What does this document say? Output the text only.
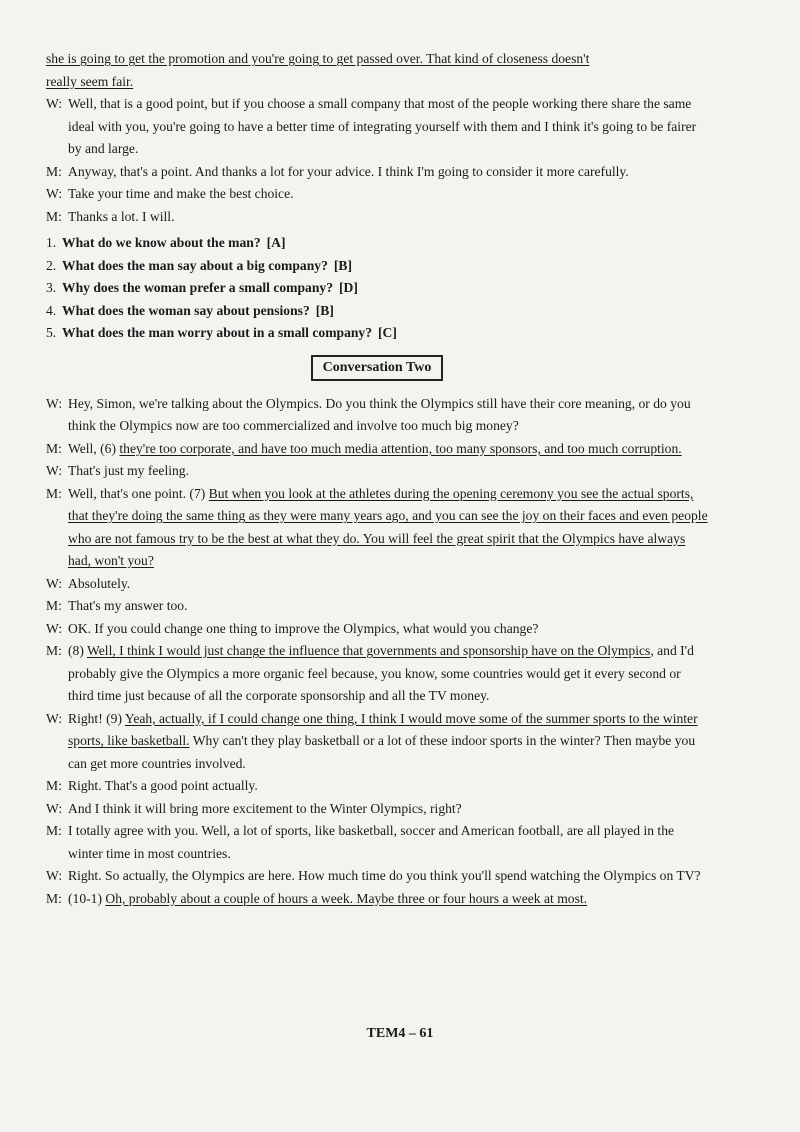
she is going to get the promotion and you're going to get passed over. That kind of closeness doesn't
really seem fair.
W: Well, that is a good point, but if you choose a small company that most of the people working there share the same ideal with you, you're going to have a better time of integrating yourself with them and I think it's going to be fairer by and large.
M: Anyway, that's a point. And thanks a lot for your advice. I think I'm going to consider it more carefully.
W: Take your time and make the best choice.
M: Thanks a lot. I will.
1. What do we know about the man? [A]
2. What does the man say about a big company? [B]
3. Why does the woman prefer a small company? [D]
4. What does the woman say about pensions? [B]
5. What does the man worry about in a small company? [C]
Conversation Two
W: Hey, Simon, we're talking about the Olympics. Do you think the Olympics still have their core meaning, or do you think the Olympics now are too commercialized and involve too much big money?
M: Well, (6) they're too corporate, and have too much media attention, too many sponsors, and too much corruption.
W: That's just my feeling.
M: Well, that's one point. (7) But when you look at the athletes during the opening ceremony you see the actual sports, that they're doing the same thing as they were many years ago, and you can see the joy on their faces and even people who are not famous try to be the best at what they do. You will feel the great spirit that the Olympics have always had, won't you?
W: Absolutely.
M: That's my answer too.
W: OK. If you could change one thing to improve the Olympics, what would you change?
M: (8) Well, I think I would just change the influence that governments and sponsorship have on the Olympics, and I'd probably give the Olympics a more organic feel because, you know, some countries would get it every second or third time just because of all the corporate sponsorship and all the TV money.
W: Right! (9) Yeah, actually, if I could change one thing, I think I would move some of the summer sports to the winter sports, like basketball. Why can't they play basketball or a lot of these indoor sports in the winter? Then maybe you can get more countries involved.
M: Right. That's a good point actually.
W: And I think it will bring more excitement to the Winter Olympics, right?
M: I totally agree with you. Well, a lot of sports, like basketball, soccer and American football, are all played in the winter time in most countries.
W: Right. So actually, the Olympics are here. How much time do you think you'll spend watching the Olympics on TV?
M: (10-1) Oh, probably about a couple of hours a week. Maybe three or four hours a week at most.
TEM4 – 61
